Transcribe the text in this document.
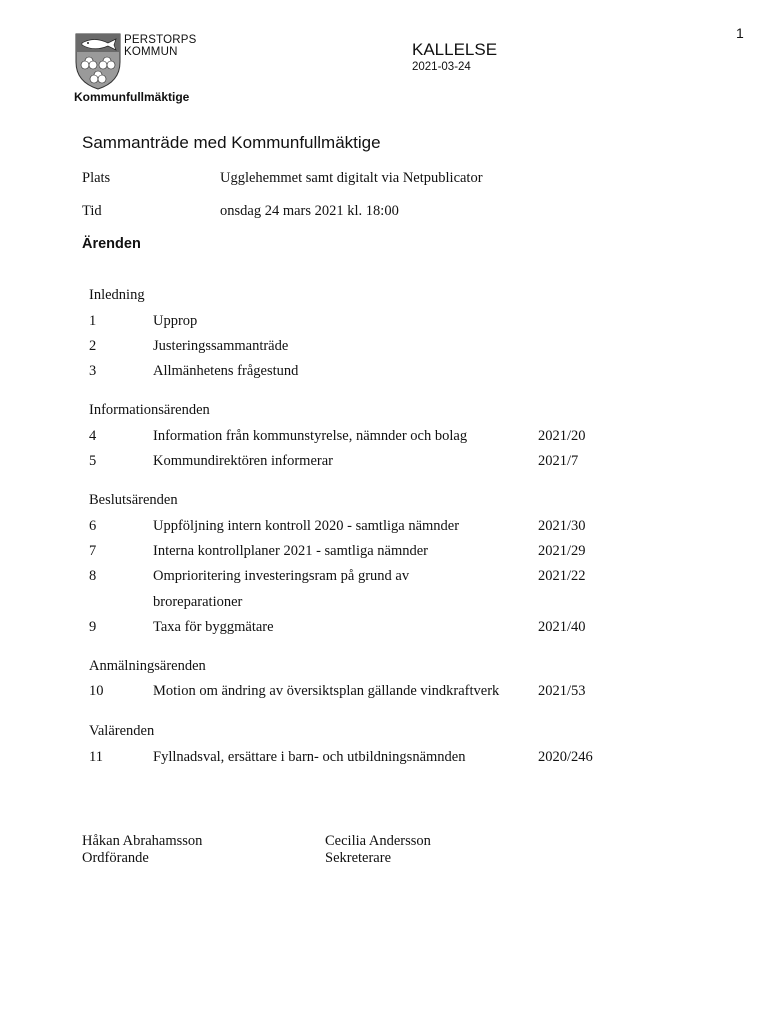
1
PERSTORPS
KOMMUN
Kommunfullmäktige
KALLELSE
2021-03-24
Sammanträde med Kommunfullmäktige
Plats	Ugglehemmet samt digitalt via Netpublicator
Tid	onsdag 24 mars 2021 kl. 18:00
Ärenden
Inledning
1	Upprop
2	Justeringssammanträde
3	Allmänhetens frågestund
Informationsärenden
4	Information från kommunstyrelse, nämnder och bolag	2021/20
5	Kommundirektören informerar	2021/7
Beslutsärenden
6	Uppföljning intern kontroll 2020 - samtliga nämnder	2021/30
7	Interna kontrollplaner 2021 - samtliga nämnder	2021/29
8	Omprioritering investeringsram på grund av	2021/22
broreparationer
9	Taxa för byggmätare	2021/40
Anmälningsärenden
10	Motion om ändring av översiktsplan gällande vindkraftverk	2021/53
Valärenden
11	Fyllnadsval, ersättare i barn- och utbildningsnämnden	2020/246
Håkan Abrahamsson
Ordförande
Cecilia Andersson
Sekreterare
